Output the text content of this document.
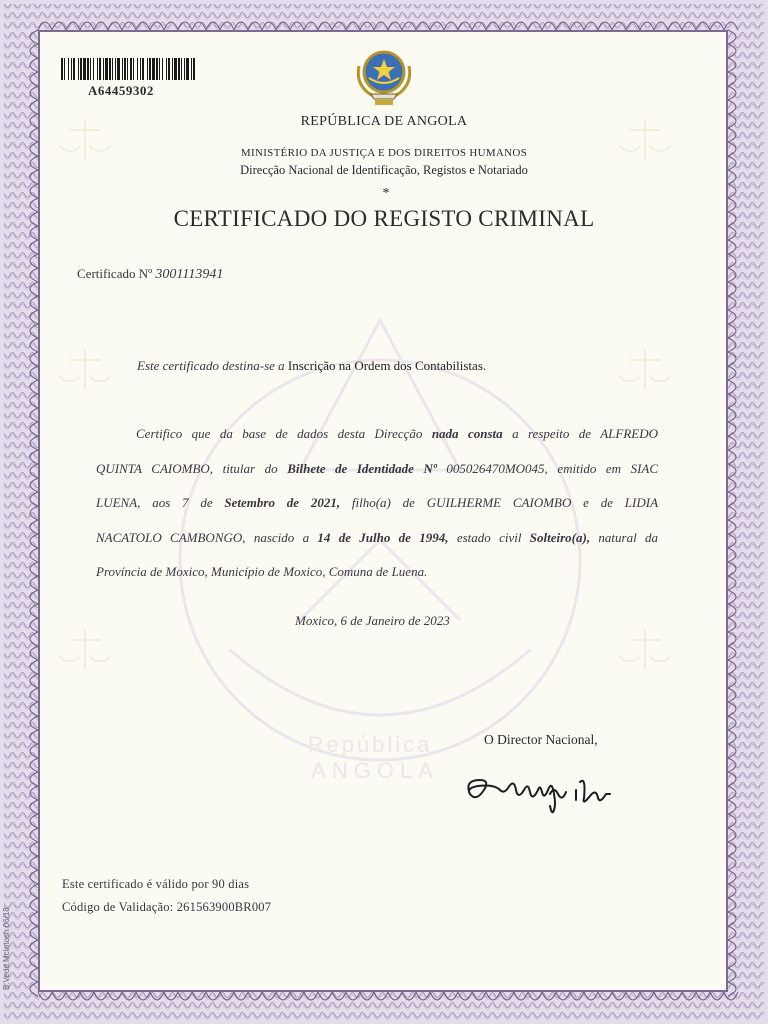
República
ANGOLA
A64459302
REPÚBLICA DE ANGOLA
MINISTÉRIO DA JUSTIÇA E DOS DIREITOS HUMANOS
Direcção Nacional de Identificação, Registos e Notariado
*
CERTIFICADO DO REGISTO CRIMINAL
Certificado Nº 3001113941
Este certificado destina-se a Inscrição na Ordem dos Contabilistas.
Certifico que da base de dados desta Direcção nada consta a respeito de ALFREDO
QUINTA CAIOMBO, titular do Bilhete de Identidade Nº 005026470MO045, emitido em SIAC
LUENA, aos 7 de Setembro de 2021, filho(a) de GUILHERME CAIOMBO e de LIDIA
NACATOLO CAMBONGO, nascido a 14 de Julho de 1994, estado civil Solteiro(a), natural da
Província de Moxico, Município de Moxico, Comuna de Luena.
Moxico, 6 de Janeiro de 2023
O Director Nacional,
Este certificado é válido por 90 dias
Código de Validação: 261563900BR007
B.Vedd.McIntosh 06/18
